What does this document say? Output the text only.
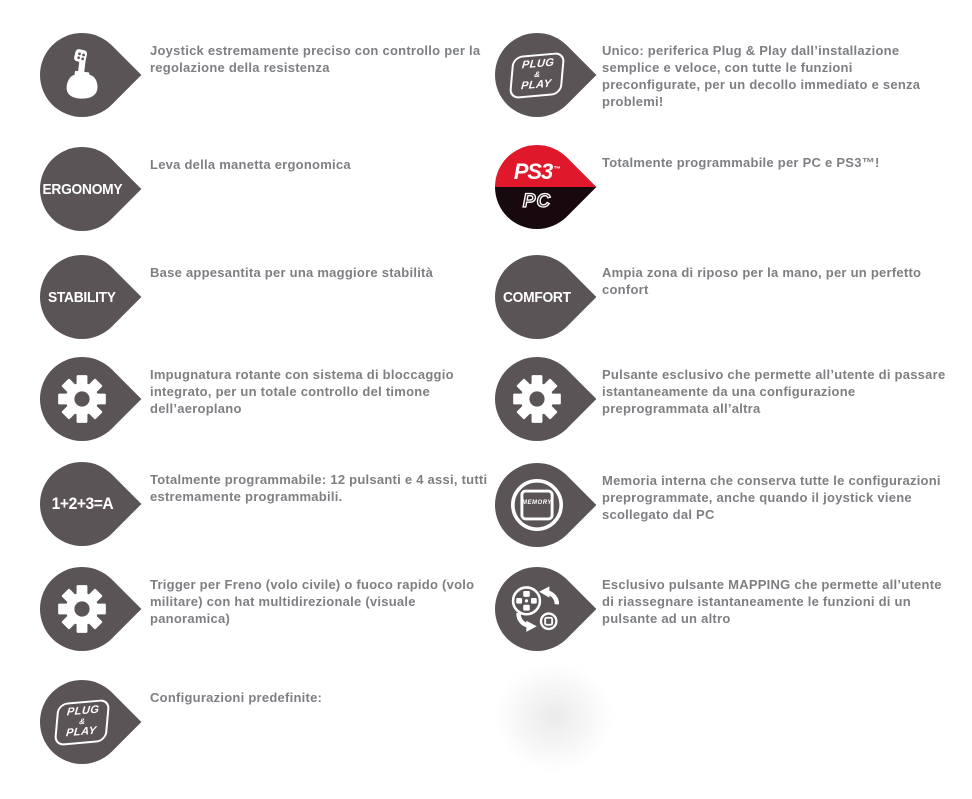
Joystick estremamente preciso con controllo per la regolazione della resistenza
ERGONOMY
Leva della manetta ergonomica
STABILITY
Base appesantita per una maggiore stabilità
Impugnatura rotante con sistema di bloccaggio integrato, per un totale controllo del timone dell’aeroplano
1+2+3=A
Totalmente programmabile: 12 pulsanti e 4 assi, tutti estremamente programmabili.
Trigger per Freno (volo civile) o fuoco rapido (volo militare) con hat multidirezionale (visuale panoramica)
PLUG
&
PLAY
Configurazioni predefinite:
PLUG
&
PLAY
Unico: periferica Plug & Play dall’installazione semplice e veloce, con tutte le funzioni preconfigurate, per un decollo immediato e senza problemi!
PS3 ™
PC
Totalmente programmabile per PC e PS3™!
COMFORT
Ampia zona di riposo per la mano, per un perfetto confort
Pulsante esclusivo che permette all’utente di passare istantaneamente da una configurazione preprogrammata all’altra
MEMORY
Memoria interna che conserva tutte le configurazioni preprogrammate, anche quando il joystick viene scollegato dal PC
Esclusivo pulsante MAPPING che permette all’utente di riassegnare istantaneamente le funzioni di un pulsante ad un altro
